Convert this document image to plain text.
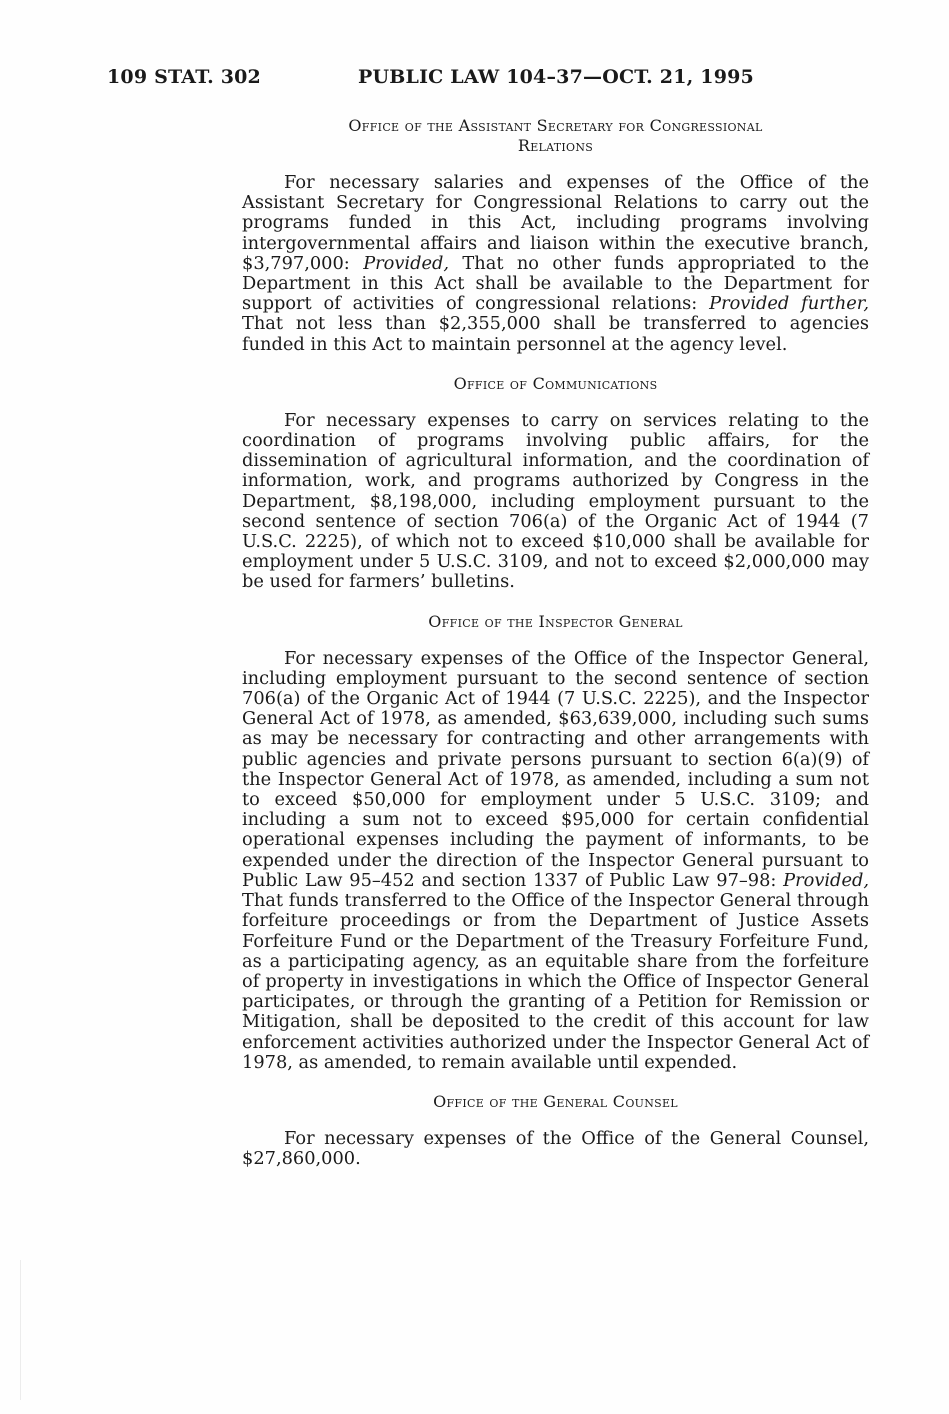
109 STAT. 302	PUBLIC LAW 104–37—OCT. 21, 1995
Office of the Assistant Secretary for Congressional
Relations

For necessary salaries and expenses of the Office of the Assistant Secretary for Congressional Relations to carry out the programs funded in this Act, including programs involving intergovernmental affairs and liaison within the executive branch, $3,797,000: Provided, That no other funds appropriated to the Department in this Act shall be available to the Department for support of activities of congressional relations: Provided further, That not less than $2,355,000 shall be transferred to agencies funded in this Act to maintain personnel at the agency level.

Office of Communications

For necessary expenses to carry on services relating to the coordination of programs involving public affairs, for the dissemination of agricultural information, and the coordination of information, work, and programs authorized by Congress in the Department, $8,198,000, including employment pursuant to the second sentence of section 706(a) of the Organic Act of 1944 (7 U.S.C. 2225), of which not to exceed $10,000 shall be available for employment under 5 U.S.C. 3109, and not to exceed $2,000,000 may be used for farmers’ bulletins.

Office of the Inspector General

For necessary expenses of the Office of the Inspector General, including employment pursuant to the second sentence of section 706(a) of the Organic Act of 1944 (7 U.S.C. 2225), and the Inspector General Act of 1978, as amended, $63,639,000, including such sums as may be necessary for contracting and other arrangements with public agencies and private persons pursuant to section 6(a)(9) of the Inspector General Act of 1978, as amended, including a sum not to exceed $50,000 for employment under 5 U.S.C. 3109; and including a sum not to exceed $95,000 for certain confidential operational expenses including the payment of informants, to be expended under the direction of the Inspector General pursuant to Public Law 95–452 and section 1337 of Public Law 97–98: Provided, That funds transferred to the Office of the Inspector General through forfeiture proceedings or from the Department of Justice Assets Forfeiture Fund or the Department of the Treasury Forfeiture Fund, as a participating agency, as an equitable share from the forfeiture of property in investigations in which the Office of Inspector General participates, or through the granting of a Petition for Remission or Mitigation, shall be deposited to the credit of this account for law enforcement activities authorized under the Inspector General Act of 1978, as amended, to remain available until expended.

Office of the General Counsel

For necessary expenses of the Office of the General Counsel, $27,860,000.
